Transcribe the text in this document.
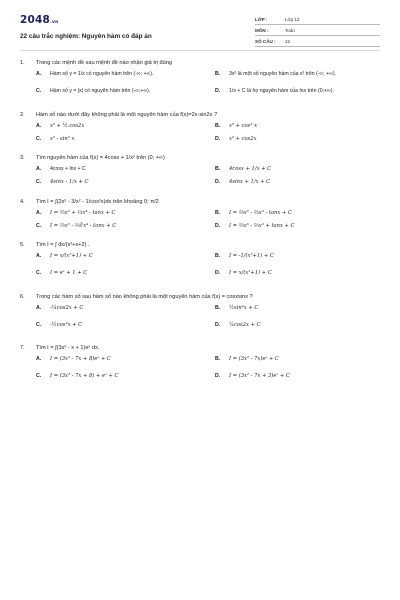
2048.vn
22 câu trắc nghiệm: Nguyên hàm có đáp án
LỚP :	Lớp 12
MÔN :	Toán
SỐ CÂU :	22
1.	Trong các mệnh đề sau mệnh đề nào nhận giá trị đúng
A.	Hàm số y = 1/x có nguyên hàm trên (-∞; +∞).	B.	3x² là một số nguyên hàm của x³ trên (-∞; +∞).
C.	Hàm số y = |x| có nguyên hàm trên (-∞;+∞).	D.	1/x + C là họ nguyên hàm của lnx trên (0;+∞).
2.	Hàm số nào dưới đây không phải là một nguyên hàm của f(x)=2x-sin2x ?
A.	x² + ½.cos2x	B.	x² + cos² x
C.	x² - sin² x	D.	x² + cos2x
3.	Tìm nguyên hàm của f(x) = 4cosx + 1/x² trên (0; +∞)
A.	4cosx + lnx + C	B.	4cosx + 1/x + C
C.	4sinx - 1/x + C	D.	4sinx + 1/x + C
4.	Tìm I = ∫(2x² - 3/x² - 1/cos²x)dx trên khoảng 0; π/2
A.	I = ⅔x³ + ⅔x⁴ - tanx + C	B.	I = ⅔x³ - ⅔x³ - tanx + C
C.	I = ⅔x³ - ⅔∛x⁴ - tanx + C	D.	I = ⅔x³ - ⅔x³ + tanx + C
5.	Tìm I = ∫ dx/(x²+x+2) .
A.	I = x/(x²+1) + C	B.	I = -1/(x²+1) + C
C.	I = eˣ + 1 + C	D.	I = x/(x²+1) + C
6.	Trong các hàm số sau hàm số nào không phải là một nguyên hàm của f(x) = cosxsinx ?
A.	-¼cos2x + C	B.	½sin²x + C
C.	-½cos²x + C	D.	¼cos2x + C
7.	Tìm I = ∫(3x² - x + 1)eˣ dx.
A.	I = (3x² - 7x + 8)eˣ + C	B.	I = (3x² - 7x)eˣ + C
C.	I = (3x² - 7x + 8) + eˣ + C	D.	I = (3x² - 7x + 3)eˣ + C
